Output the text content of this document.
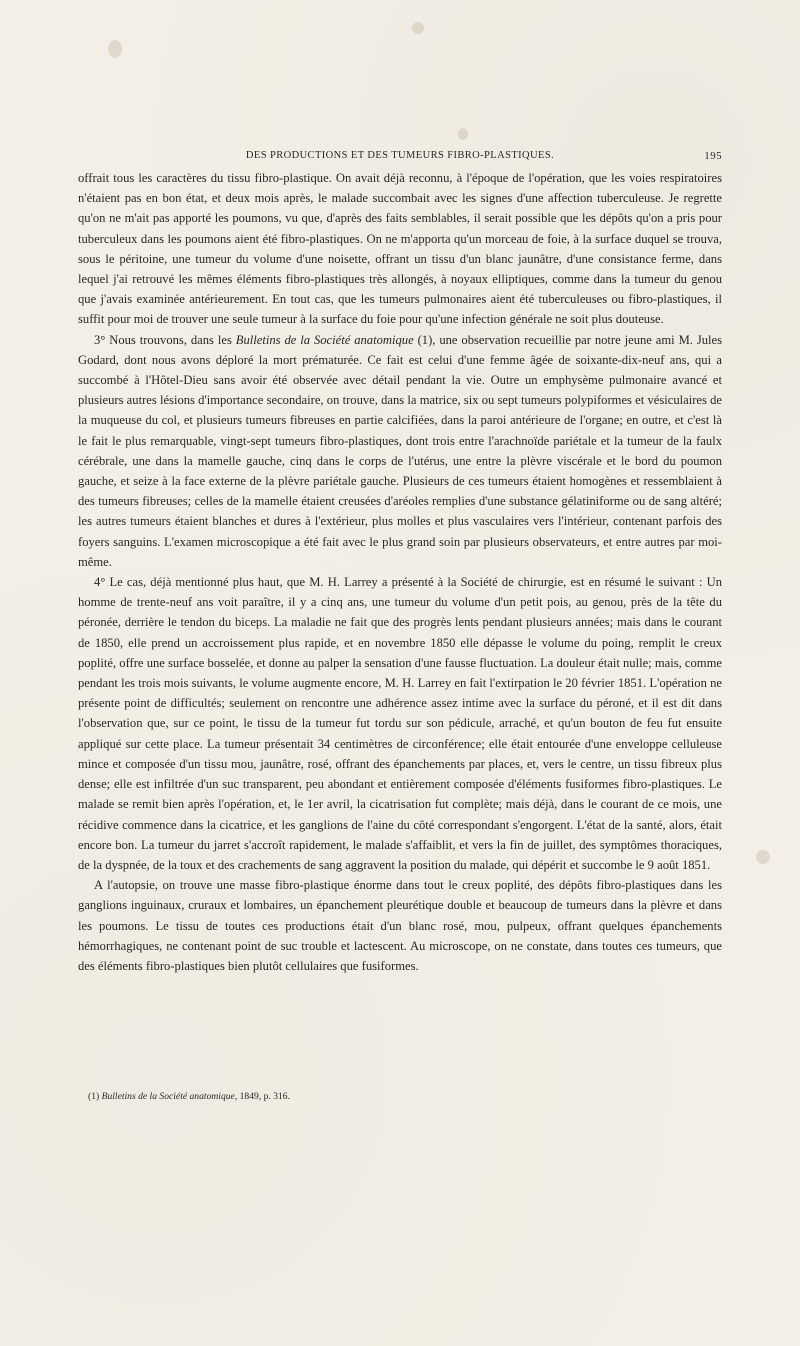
DES PRODUCTIONS ET DES TUMEURS FIBRO-PLASTIQUES.	195

offrait tous les caractères du tissu fibro-plastique. On avait déjà reconnu, à l'époque de l'opération, que les voies respiratoires n'étaient pas en bon état, et deux mois après, le malade succombait avec les signes d'une affection tuberculeuse. Je regrette qu'on ne m'ait pas apporté les poumons, vu que, d'après des faits semblables, il serait possible que les dépôts qu'on a pris pour tuberculeux dans les poumons aient été fibro-plastiques. On ne m'apporta qu'un morceau de foie, à la surface duquel se trouva, sous le péritoine, une tumeur du volume d'une noisette, offrant un tissu d'un blanc jaunâtre, d'une consistance ferme, dans lequel j'ai retrouvé les mêmes éléments fibro-plastiques très allongés, à noyaux elliptiques, comme dans la tumeur du genou que j'avais examinée antérieurement. En tout cas, que les tumeurs pulmonaires aient été tuberculeuses ou fibro-plastiques, il suffit pour moi de trouver une seule tumeur à la surface du foie pour qu'une infection générale ne soit plus douteuse.

3° Nous trouvons, dans les Bulletins de la Société anatomique (1), une observation recueillie par notre jeune ami M. Jules Godard, dont nous avons déploré la mort prématurée. Ce fait est celui d'une femme âgée de soixante-dix-neuf ans, qui a succombé à l'Hôtel-Dieu sans avoir été observée avec détail pendant la vie. Outre un emphysème pulmonaire avancé et plusieurs autres lésions d'importance secondaire, on trouve, dans la matrice, six ou sept tumeurs polypiformes et vésiculaires de la muqueuse du col, et plusieurs tumeurs fibreuses en partie calcifiées, dans la paroi antérieure de l'organe; en outre, et c'est là le fait le plus remarquable, vingt-sept tumeurs fibro-plastiques, dont trois entre l'arachnoïde pariétale et la tumeur de la faulx cérébrale, une dans la mamelle gauche, cinq dans le corps de l'utérus, une entre la plèvre viscérale et le bord du poumon gauche, et seize à la face externe de la plèvre pariétale gauche. Plusieurs de ces tumeurs étaient homogènes et ressemblaient à des tumeurs fibreuses; celles de la mamelle étaient creusées d'aréoles remplies d'une substance gélatiniforme ou de sang altéré; les autres tumeurs étaient blanches et dures à l'extérieur, plus molles et plus vasculaires vers l'intérieur, contenant parfois des foyers sanguins. L'examen microscopique a été fait avec le plus grand soin par plusieurs observateurs, et entre autres par moi-même.

4° Le cas, déjà mentionné plus haut, que M. H. Larrey a présenté à la Société de chirurgie, est en résumé le suivant : Un homme de trente-neuf ans voit paraître, il y a cinq ans, une tumeur du volume d'un petit pois, au genou, près de la tête du péronée, derrière le tendon du biceps. La maladie ne fait que des progrès lents pendant plusieurs années; mais dans le courant de 1850, elle prend un accroissement plus rapide, et en novembre 1850 elle dépasse le volume du poing, remplit le creux poplité, offre une surface bosselée, et donne au palper la sensation d'une fausse fluctuation. La douleur était nulle; mais, comme pendant les trois mois suivants, le volume augmente encore, M. H. Larrey en fait l'extirpation le 20 février 1851. L'opération ne présente point de difficultés; seulement on rencontre une adhérence assez intime avec la surface du péroné, et il est dit dans l'observation que, sur ce point, le tissu de la tumeur fut tordu sur son pédicule, arraché, et qu'un bouton de feu fut ensuite appliqué sur cette place. La tumeur présentait 34 centimètres de circonférence; elle était entourée d'une enveloppe celluleuse mince et composée d'un tissu mou, jaunâtre, rosé, offrant des épanchements par places, et, vers le centre, un tissu fibreux plus dense; elle est infiltrée d'un suc transparent, peu abondant et entièrement composée d'éléments fusiformes fibro-plastiques. Le malade se remit bien après l'opération, et, le 1er avril, la cicatrisation fut complète; mais déjà, dans le courant de ce mois, une récidive commence dans la cicatrice, et les ganglions de l'aine du côté correspondant s'engorgent. L'état de la santé, alors, était encore bon. La tumeur du jarret s'accroît rapidement, le malade s'affaiblit, et vers la fin de juillet, des symptômes thoraciques, de la dyspnée, de la toux et des crachements de sang aggravent la position du malade, qui dépérit et succombe le 9 août 1851.

A l'autopsie, on trouve une masse fibro-plastique énorme dans tout le creux poplité, des dépôts fibro-plastiques dans les ganglions inguinaux, cruraux et lombaires, un épanchement pleurétique double et beaucoup de tumeurs dans la plèvre et dans les poumons. Le tissu de toutes ces productions était d'un blanc rosé, mou, pulpeux, offrant quelques épanchements hémorrhagiques, ne contenant point de suc trouble et lactescent. Au microscope, on ne constate, dans toutes ces tumeurs, que des éléments fibro-plastiques bien plutôt cellulaires que fusiformes.

(1) Bulletins de la Société anatomique, 1849, p. 316.
